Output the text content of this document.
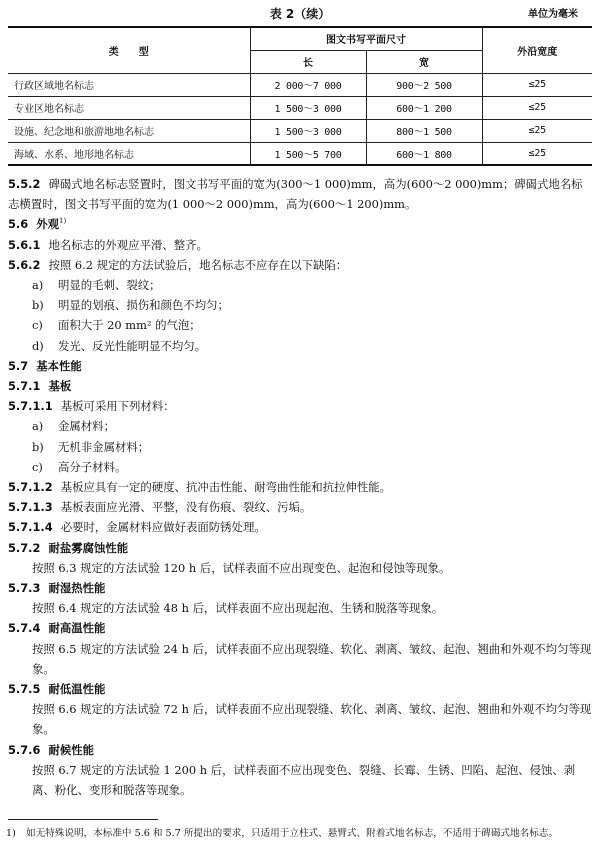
表 2（续）	单位为毫米
类　　型	图文书写平面尺寸		外沿宽度
	长	宽	
行政区域地名标志	2 000～7 000	900～2 500	≤25
专业区地名标志	1 500～3 000	600～1 200	≤25
设施、纪念地和旅游地地名标志	1 500～3 000	800～1 500	≤25
海域、水系、地形地名标志	1 500～5 700	600～1 800	≤25

5.5.2 碑碣式地名标志竖置时，图文书写平面的宽为(300～1 000)mm，高为(600～2 000)mm；碑碣式地名标志横置时，图文书写平面的宽为(1 000～2 000)mm，高为(600～1 200)mm。

5.6 外观$^{1)}$

5.6.1 地名标志的外观应平滑、整齐。

5.6.2 按照 6.2 规定的方法试验后，地名标志不应存在以下缺陷：

a) 明显的毛刺、裂纹；

b) 明显的划痕、损伤和颜色不均匀；

c) 面积大于 20 mm² 的气泡；

d) 发光、反光性能明显不均匀。

5.7 基本性能

5.7.1 基板

5.7.1.1 基板可采用下列材料：

a) 金属材料；

b) 无机非金属材料；

c) 高分子材料。

5.7.1.2 基板应具有一定的硬度、抗冲击性能、耐弯曲性能和抗拉伸性能。

5.7.1.3 基板表面应光滑、平整，没有伤痕、裂纹、污垢。

5.7.1.4 必要时，金属材料应做好表面防锈处理。

5.7.2 耐盐雾腐蚀性能

按照 6.3 规定的方法试验 120 h 后，试样表面不应出现变色、起泡和侵蚀等现象。

5.7.3 耐湿热性能

按照 6.4 规定的方法试验 48 h 后，试样表面不应出现起泡、生锈和脱落等现象。

5.7.4 耐高温性能

按照 6.5 规定的方法试验 24 h 后，试样表面不应出现裂缝、软化、剥离、皱纹、起泡、翘曲和外观不均匀等现象。

5.7.5 耐低温性能

按照 6.6 规定的方法试验 72 h 后，试样表面不应出现裂缝、软化、剥离、皱纹、起泡、翘曲和外观不均匀等现象。

5.7.6 耐候性能

按照 6.7 规定的方法试验 1 200 h 后，试样表面不应出现变色、裂缝、长霉、生锈、凹陷、起泡、侵蚀、剥离、粉化、变形和脱落等现象。

1) 如无特殊说明，本标准中 5.6 和 5.7 所提出的要求，只适用于立柱式、悬臂式、附着式地名标志，不适用于碑碣式地名标志。
